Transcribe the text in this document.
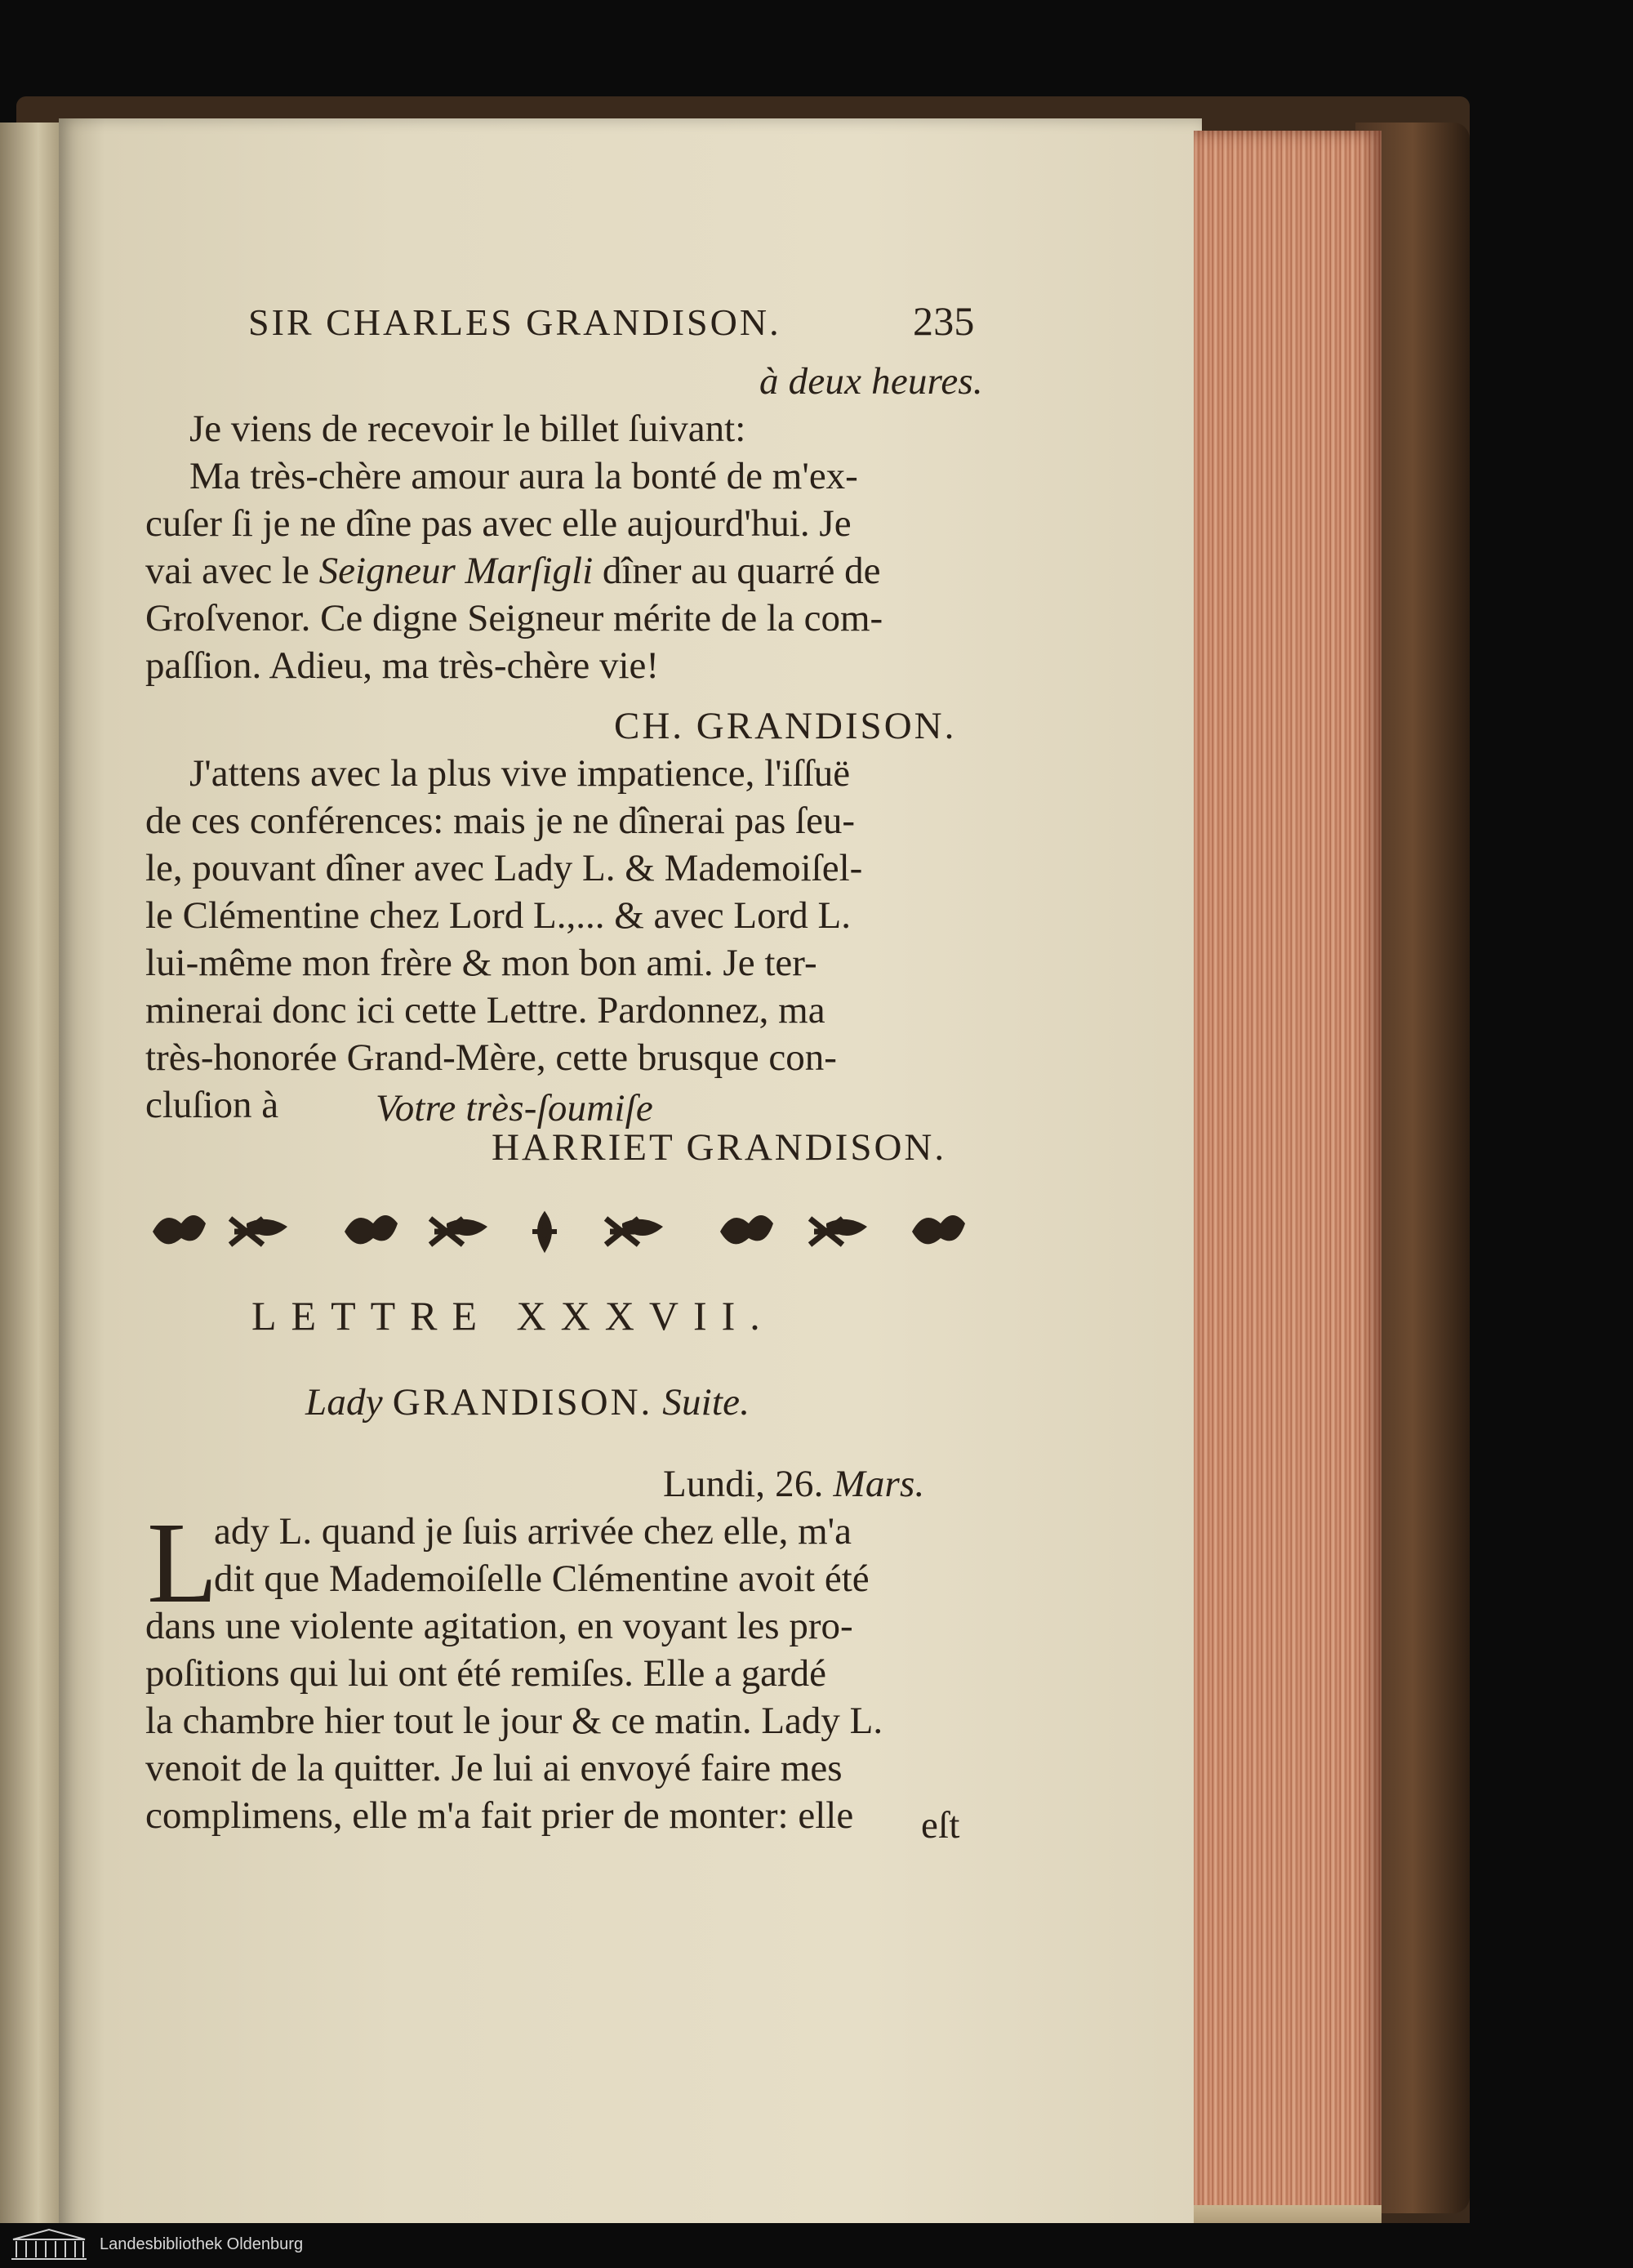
SIR CHARLES GRANDISON.	235
à deux heures.
Je viens de recevoir le billet ſuivant:
Ma très-chère amour aura la bonté de m'ex-
cuſer ſi je ne dîne pas avec elle aujourd'hui. Je
vai avec le Seigneur Marſigli dîner au quarré de
Groſvenor. Ce digne Seigneur mérite de la com-
paſſion. Adieu, ma très-chère vie!
CH. GRANDISON.
J'attens avec la plus vive impatience, l'iſſuë
de ces conférences: mais je ne dînerai pas ſeu-
le, pouvant dîner avec Lady L. & Mademoiſel-
le Clémentine chez Lord L.,... & avec Lord L.
lui-même mon frère & mon bon ami. Je ter-
minerai donc ici cette Lettre. Pardonnez, ma
très-honorée Grand-Mère, cette brusque con-
cluſion à	Votre très-ſoumiſe
HARRIET GRANDISON.
LETTRE XXXVII.
Lady GRANDISON. Suite.
Lundi, 26. Mars.
L
ady L. quand je ſuis arrivée chez elle, m'a
dit que Mademoiſelle Clémentine avoit été
dans une violente agitation, en voyant les pro-
poſitions qui lui ont été remiſes. Elle a gardé
la chambre hier tout le jour & ce matin. Lady L.
venoit de la quitter. Je lui ai envoyé faire mes
complimens, elle m'a fait prier de monter: elle eſt
Landesbibliothek Oldenburg
